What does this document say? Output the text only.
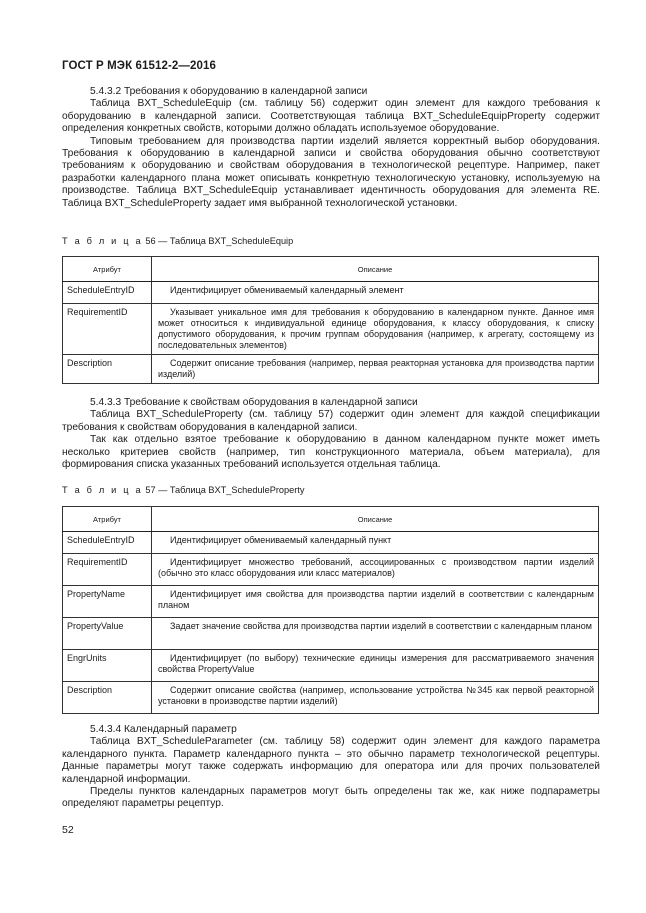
ГОСТ Р МЭК 61512-2—2016

5.4.3.2 Требования к оборудованию в календарной записи

Таблица BXT_ScheduleEquip (см. таблицу 56) содержит один элемент для каждого требования к оборудованию в календарной записи. Соответствующая таблица BXT_ScheduleEquipProperty содержит определения конкретных свойств, которыми должно обладать используемое оборудование.

Типовым требованием для производства партии изделий является корректный выбор оборудования. Требования к оборудованию в календарной записи и свойства оборудования обычно соответствуют требованиям к оборудованию и свойствам оборудования в технологической рецептуре. Например, пакет разработки календарного плана может описывать конкретную технологическую установку, используемую на производстве. Таблица BXT_ScheduleEquip устанавливает идентичность оборудования для элемента RE. Таблица BXT_ScheduleProperty задает имя выбранной технологической установки.

Т а б л и ц а 56 — Таблица BXT_ScheduleEquip
Атрибут	Описание
ScheduleEntryID	Идентифицирует обмениваемый календарный элемент
RequirementID	Указывает уникальное имя для требования к оборудованию в календарном пункте. Данное имя может относиться к индивидуальной единице оборудования, к классу оборудования, к списку допустимого оборудования, к прочим группам оборудования (например, к агрегату, состоящему из последовательных элементов)
Description	Содержит описание требования (например, первая реакторная установка для производства партии изделий)

5.4.3.3 Требование к свойствам оборудования в календарной записи

Таблица BXT_ScheduleProperty (см. таблицу 57) содержит один элемент для каждой спецификации требования к свойствам оборудования в календарной записи.

Так как отдельно взятое требование к оборудованию в данном календарном пункте может иметь несколько критериев свойств (например, тип конструкционного материала, объем материала), для формирования списка указанных требований используется отдельная таблица.

Т а б л и ц а 57 — Таблица BXT_ScheduleProperty
Атрибут	Описание
ScheduleEntryID	Идентифицирует обмениваемый календарный пункт
RequirementID	Идентифицирует множество требований, ассоциированных с производством партии изделий (обычно это класс оборудования или класс материалов)
PropertyName	Идентифицирует имя свойства для производства партии изделий в соответствии с календарным планом
PropertyValue	Задает значение свойства для производства партии изделий в соответствии с календарным планом
EngrUnits	Идентифицирует (по выбору) технические единицы измерения для рассматриваемого значения свойства PropertyValue
Description	Содержит описание свойства (например, использование устройства №345 как первой реакторной установки в производстве партии изделий)

5.4.3.4 Календарный параметр

Таблица BXT_ScheduleParameter (см. таблицу 58) содержит один элемент для каждого параметра календарного пункта. Параметр календарного пункта – это обычно параметр технологической рецептуры. Данные параметры могут также содержать информацию для оператора или для прочих пользователей календарной информации.

Пределы пунктов календарных параметров могут быть определены так же, как ниже подпараметры определяют параметры рецептур.

52
